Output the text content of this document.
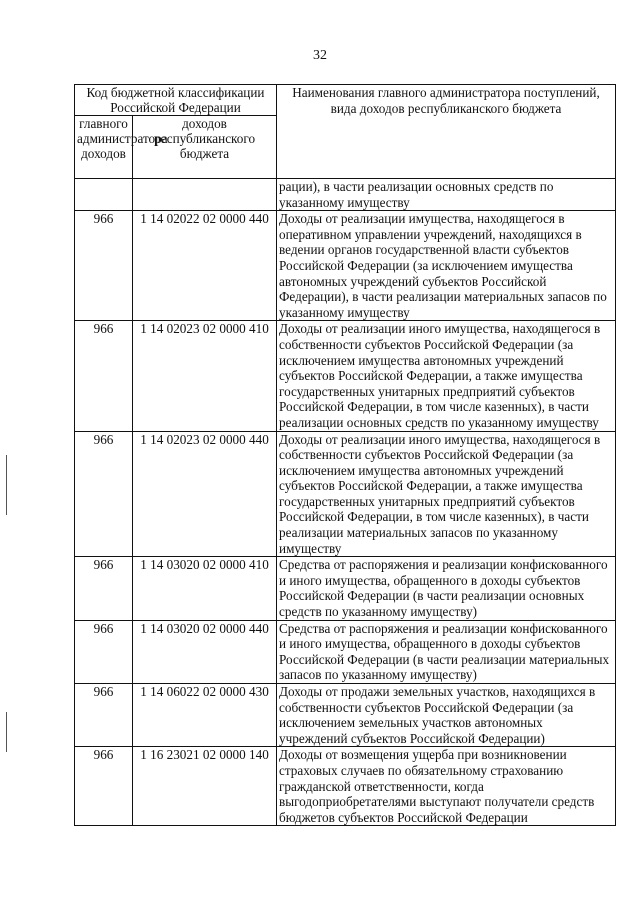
32
Код бюджетной классификации Российской Федерации		Наименования главного администратора поступлений, вида доходов республиканского бюджета
главного администратора доходов	доходов республиканского бюджета	
		рации), в части реализации основных средств по указанному имуществу
966	1 14 02022 02 0000 440	Доходы от реализации имущества, находящегося в оперативном управлении учреждений, находящихся в ведении органов государственной власти субъектов Российской Федерации (за исключением имущества автономных учреждений субъектов Российской Федерации), в части реализации материальных запасов по указанному имуществу
966	1 14 02023 02 0000 410	Доходы от реализации иного имущества, находящегося в собственности субъектов Российской Федерации (за исключением имущества автономных учреждений субъектов Российской Федерации, а также имущества государственных унитарных предприятий субъектов Российской Федерации, в том числе казенных), в части реализации основных средств по указанному имуществу
966	1 14 02023 02 0000 440	Доходы от реализации иного имущества, находящегося в собственности субъектов Российской Федерации (за исключением имущества автономных учреждений субъектов Российской Федерации, а также имущества государственных унитарных предприятий субъектов Российской Федерации, в том числе казенных), в части реализации материальных запасов по указанному имуществу
966	1 14 03020 02 0000 410	Средства от распоряжения и реализации конфискованного и иного имущества, обращенного в доходы субъектов Российской Федерации (в части реализации основных средств по указанному имуществу)
966	1 14 03020 02 0000 440	Средства от распоряжения и реализации конфискованного и иного имущества, обращенного в доходы субъектов Российской Федерации (в части реализации материальных запасов по указанному имуществу)
966	1 14 06022 02 0000 430	Доходы от продажи земельных участков, находящихся в собственности субъектов Российской Федерации (за исключением земельных участков автономных учреждений субъектов Российской Федерации)
966	1 16 23021 02 0000 140	Доходы от возмещения ущерба при возникновении страховых случаев по обязательному страхованию гражданской ответственности, когда выгодоприобретателями выступают получатели средств бюджетов субъектов Российской Федерации
